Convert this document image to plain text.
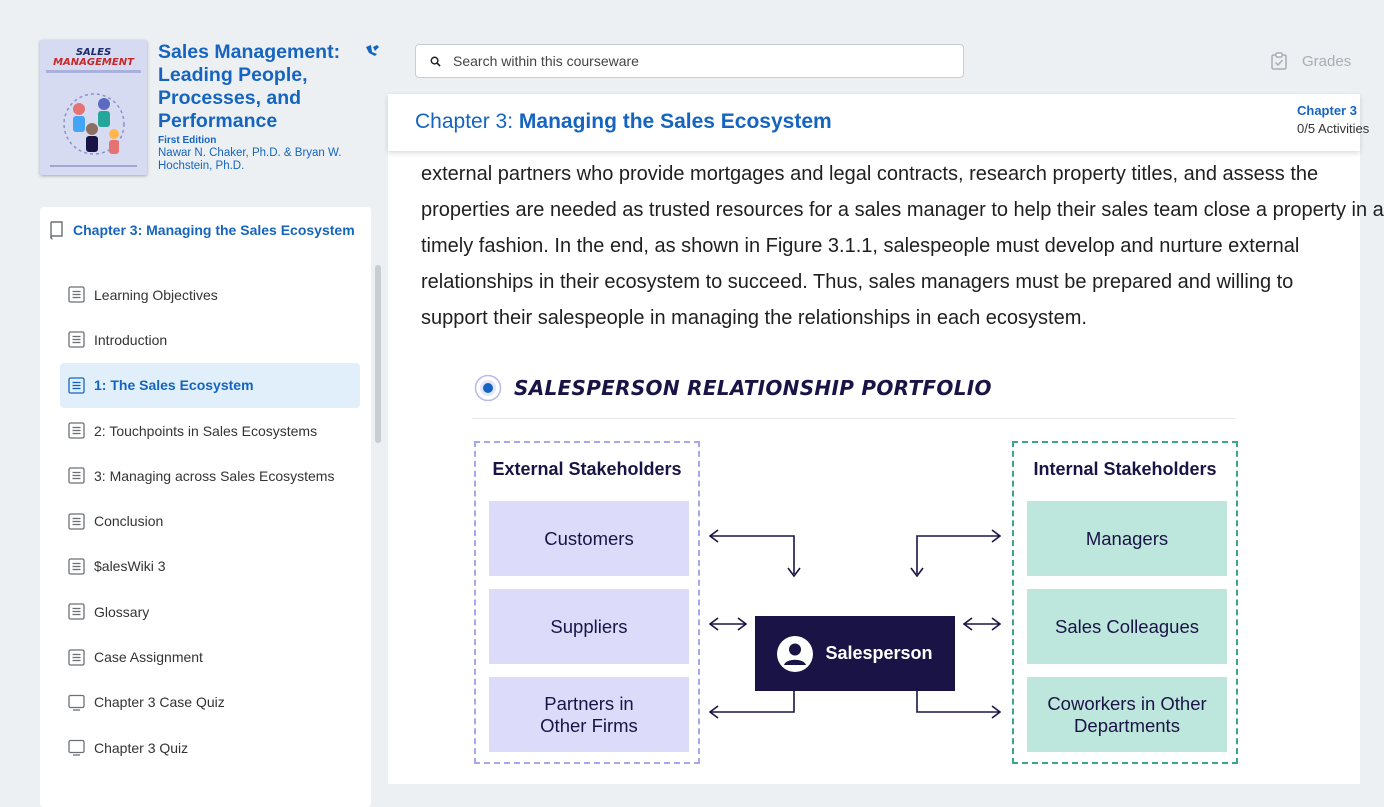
SALES
MANAGEMENT	Sales Management: Leading People, Processes, and Performance
First Edition
Nawar N. Chaker, Ph.D. & Bryan W. Hochstein, Ph.D.
Chapter 3: Managing the Sales Ecosystem
Learning Objectives
Introduction
1: The Sales Ecosystem
2: Touchpoints in Sales Ecosystems
3: Managing across Sales Ecosystems
Conclusion
$alesWiki 3
Glossary
Case Assignment
Chapter 3 Case Quiz
Chapter 3 Quiz
Search within this courseware
Grades
Chapter 3: Managing the Sales Ecosystem	Chapter 3
0/5 Activities
external partners who provide mortgages and legal contracts, research property titles, and assess the
properties are needed as trusted resources for a sales manager to help their sales team close a property in a
timely fashion. In the end, as shown in Figure 3.1.1, salespeople must develop and nurture external
relationships in their ecosystem to succeed. Thus, sales managers must be prepared and willing to
support their salespeople in managing the relationships in each ecosystem.
SALESPERSON RELATIONSHIP PORTFOLIO
External Stakeholders
Customers
Suppliers
Partners in Other Firms
Internal Stakeholders
Managers
Sales Colleagues
Coworkers in Other Departments
Salesperson
